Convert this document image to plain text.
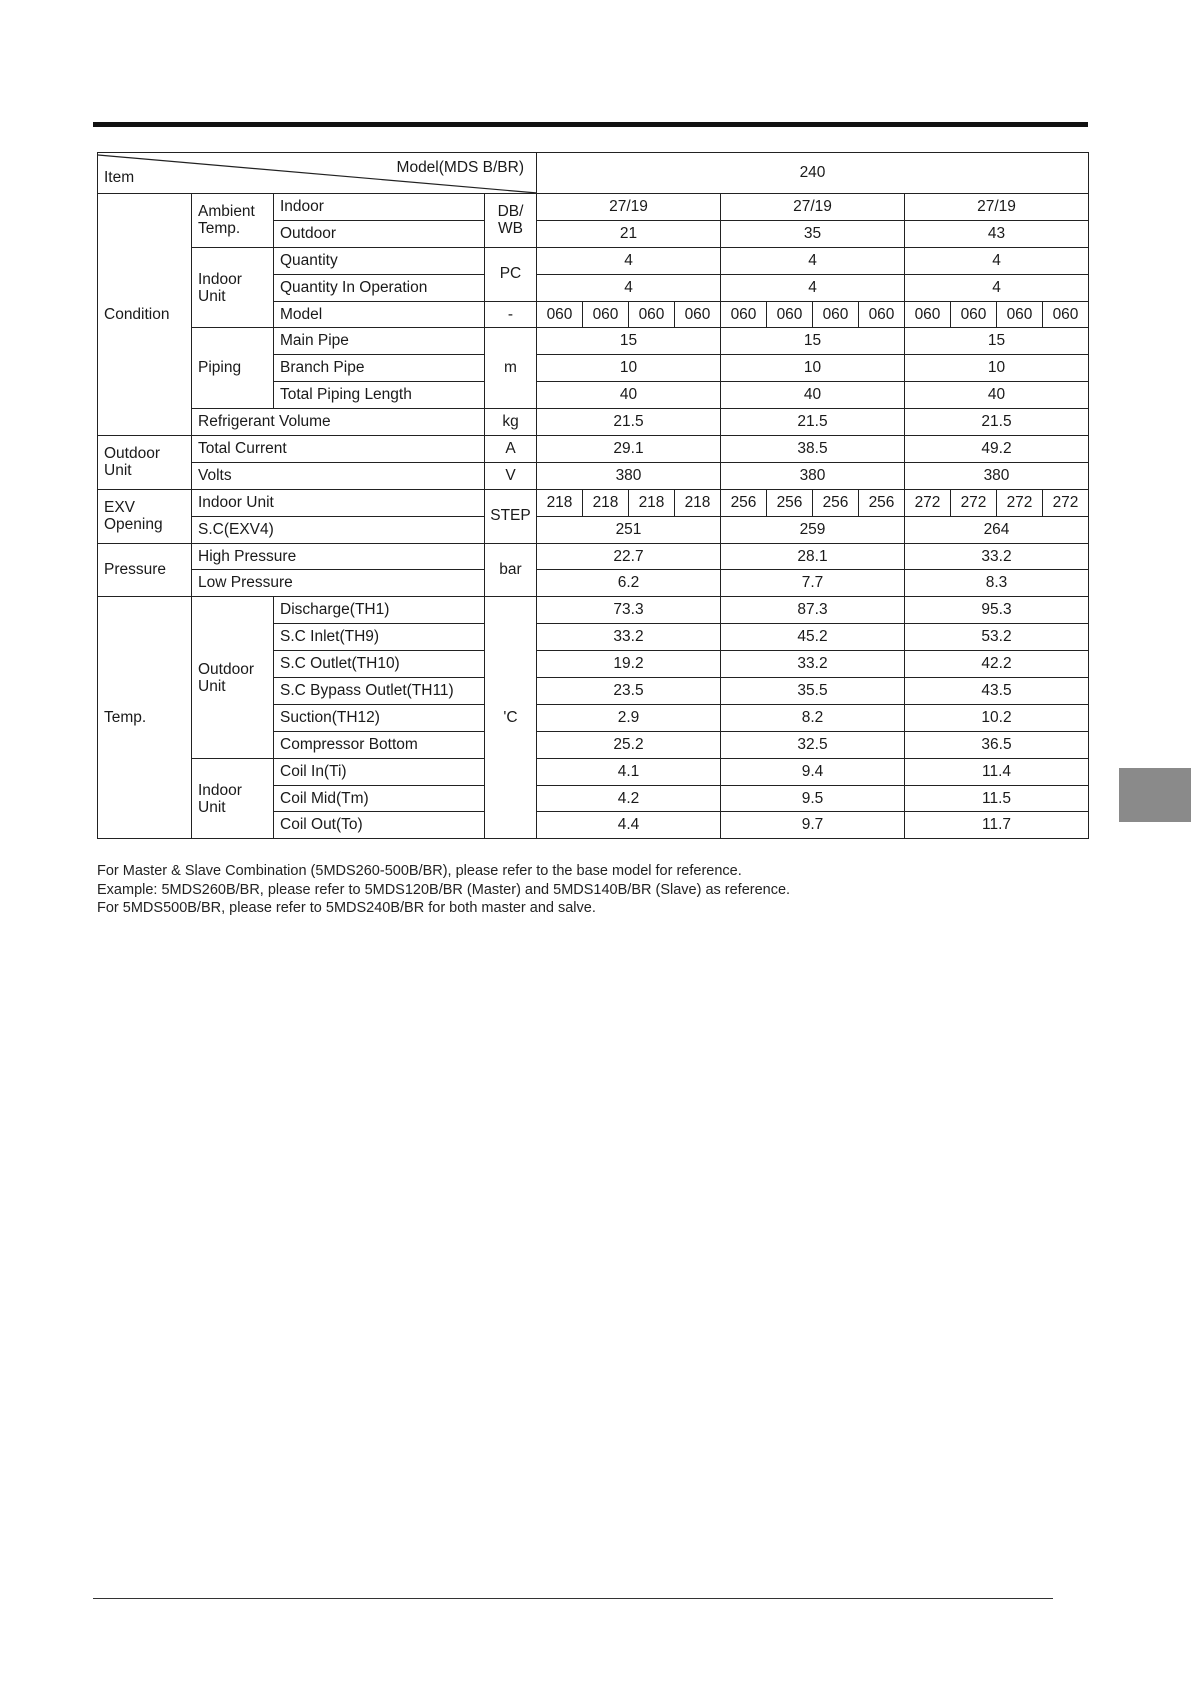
Item
Model(MDS B/BR)				240											
Condition	Ambient Temp.	Indoor	DB/ WB	27/19				27/19				27/19			
		Outdoor		21				35				43			
	Indoor Unit	Quantity	PC	4				4				4			
		Quantity In Operation		4				4				4			
		Model	-	060	060	060	060	060	060	060	060	060	060	060	060
	Piping	Main Pipe	m	15				15				15			
		Branch Pipe		10				10				10			
		Total Piping Length		40				40				40			
	Refrigerant Volume		kg	21.5				21.5				21.5			
Outdoor Unit	Total Current		A	29.1				38.5				49.2			
	Volts		V	380				380				380			
EXV Opening	Indoor Unit		STEP	218	218	218	218	256	256	256	256	272	272	272	272
	S.C(EXV4)			251				259				264			
Pressure	High Pressure		bar	22.7				28.1				33.2			
	Low Pressure			6.2				7.7				8.3			
Temp.	Outdoor Unit	Discharge(TH1)	'C	73.3				87.3				95.3			
		S.C Inlet(TH9)		33.2				45.2				53.2			
		S.C Outlet(TH10)		19.2				33.2				42.2			
		S.C Bypass Outlet(TH11)		23.5				35.5				43.5			
		Suction(TH12)		2.9				8.2				10.2			
		Compressor Bottom		25.2				32.5				36.5			
	Indoor Unit	Coil In(Ti)		4.1				9.4				11.4			
		Coil Mid(Tm)		4.2				9.5				11.5			
		Coil Out(To)		4.4				9.7				11.7			
For Master & Slave Combination (5MDS260-500B/BR), please refer to the base model for reference.
Example: 5MDS260B/BR, please refer to 5MDS120B/BR (Master) and 5MDS140B/BR (Slave) as reference.
For 5MDS500B/BR, please refer to 5MDS240B/BR for both master and salve.
